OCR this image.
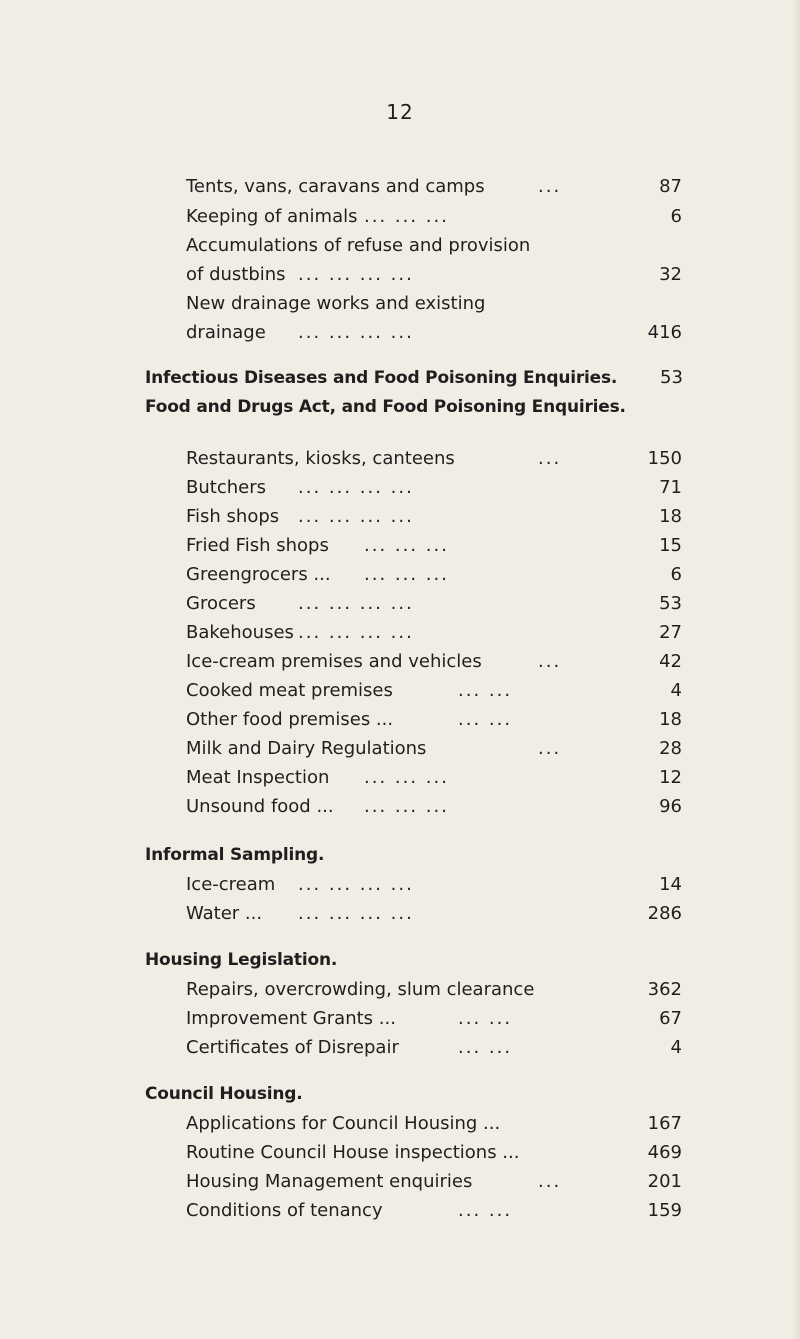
12
Tents, vans, caravans and camps	...	87
Keeping of animals ... ... ...	6
Accumulations of refuse and provision
of dustbins ... ... ... ...	32
New drainage works and existing
drainage ... ... ... ...	416
Infectious Diseases and Food Poisoning Enquiries. 53
Food and Drugs Act, and Food Poisoning Enquiries.
Restaurants, kiosks, canteens	...	150
Butchers ... ... ... ...	71
Fish shops ... ... ... ...	18
Fried Fish shops ... ... ...	15
Greengrocers ... ... ... ...	6
Grocers ... ... ... ...	53
Bakehouses ... ... ... ...	27
Ice-cream premises and vehicles	...	42
Cooked meat premises	... ...	4
Other food premises ...	... ...	18
Milk and Dairy Regulations	...	28
Meat Inspection ... ... ...	12
Unsound food ... ... ... ...	96
Informal Sampling.
Ice-cream ... ... ... ...	14
Water ... ... ... ... ...	286
Housing Legislation.
Repairs, overcrowding, slum clearance	362
Improvement Grants ...	... ...	67
Certificates of Disrepair	... ...	4
Council Housing.
Applications for Council Housing ...	167
Routine Council House inspections ...	469
Housing Management enquiries	...	201
Conditions of tenancy	... ...	159
